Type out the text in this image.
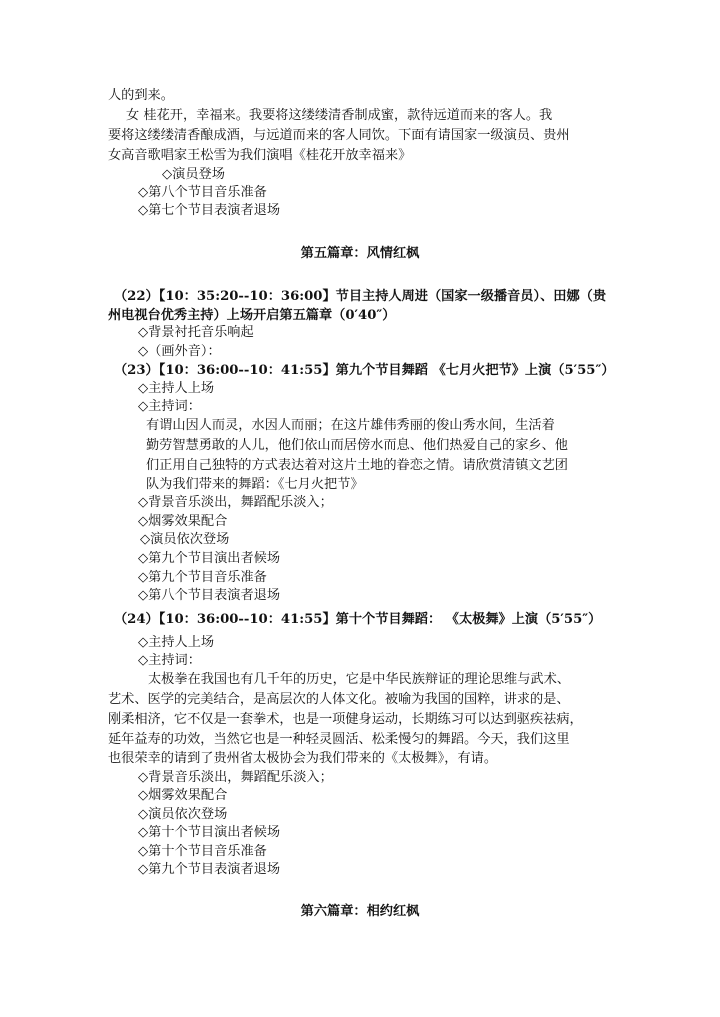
人的到来。
女 桂花开，幸福来。我要将这缕缕清香制成蜜，款待远道而来的客人。我
要将这缕缕清香酿成酒，与远道而来的客人同饮。下面有请国家一级演员、贵州
女高音歌唱家王松雪为我们演唱《桂花开放幸福来》
◇演员登场
◇第八个节目音乐准备
◇第七个节目表演者退场
第五篇章：风情红枫
（22）【10：35:20--10：36:00】节目主持人周进（国家一级播音员）、田娜（贵
州电视台优秀主持）上场开启第五篇章（0′40″）
◇背景衬托音乐响起
◇（画外音）：
（23）【10：36:00--10：41:55】第九个节目舞蹈 《七月火把节》上演（5′55″）
◇主持人上场
◇主持词：
有谓山因人而灵，水因人而丽；在这片雄伟秀丽的俊山秀水间，生活着
勤劳智慧勇敢的人儿，他们依山而居傍水而息、他们热爱自己的家乡、他
们正用自己独特的方式表达着对这片土地的眷恋之情。请欣赏清镇文艺团
队为我们带来的舞蹈：《七月火把节》
◇背景音乐淡出，舞蹈配乐淡入；
◇烟雾效果配合
◇演员依次登场
◇第九个节目演出者候场
◇第九个节目音乐准备
◇第八个节目表演者退场
（24）【10：36:00--10：41:55】第十个节目舞蹈： 《太极舞》上演（5′55″）
◇主持人上场
◇主持词：
太极拳在我国也有几千年的历史，它是中华民族辩证的理论思维与武术、
艺术、医学的完美结合，是高层次的人体文化。被喻为我国的国粹，讲求的是、
刚柔相济，它不仅是一套拳术，也是一项健身运动，长期练习可以达到驱疾祛病，
延年益寿的功效，当然它也是一种轻灵圆活、松柔慢匀的舞蹈。今天，我们这里
也很荣幸的请到了贵州省太极协会为我们带来的《太极舞》，有请。
◇背景音乐淡出，舞蹈配乐淡入；
◇烟雾效果配合
◇演员依次登场
◇第十个节目演出者候场
◇第十个节目音乐准备
◇第九个节目表演者退场
第六篇章：相约红枫
